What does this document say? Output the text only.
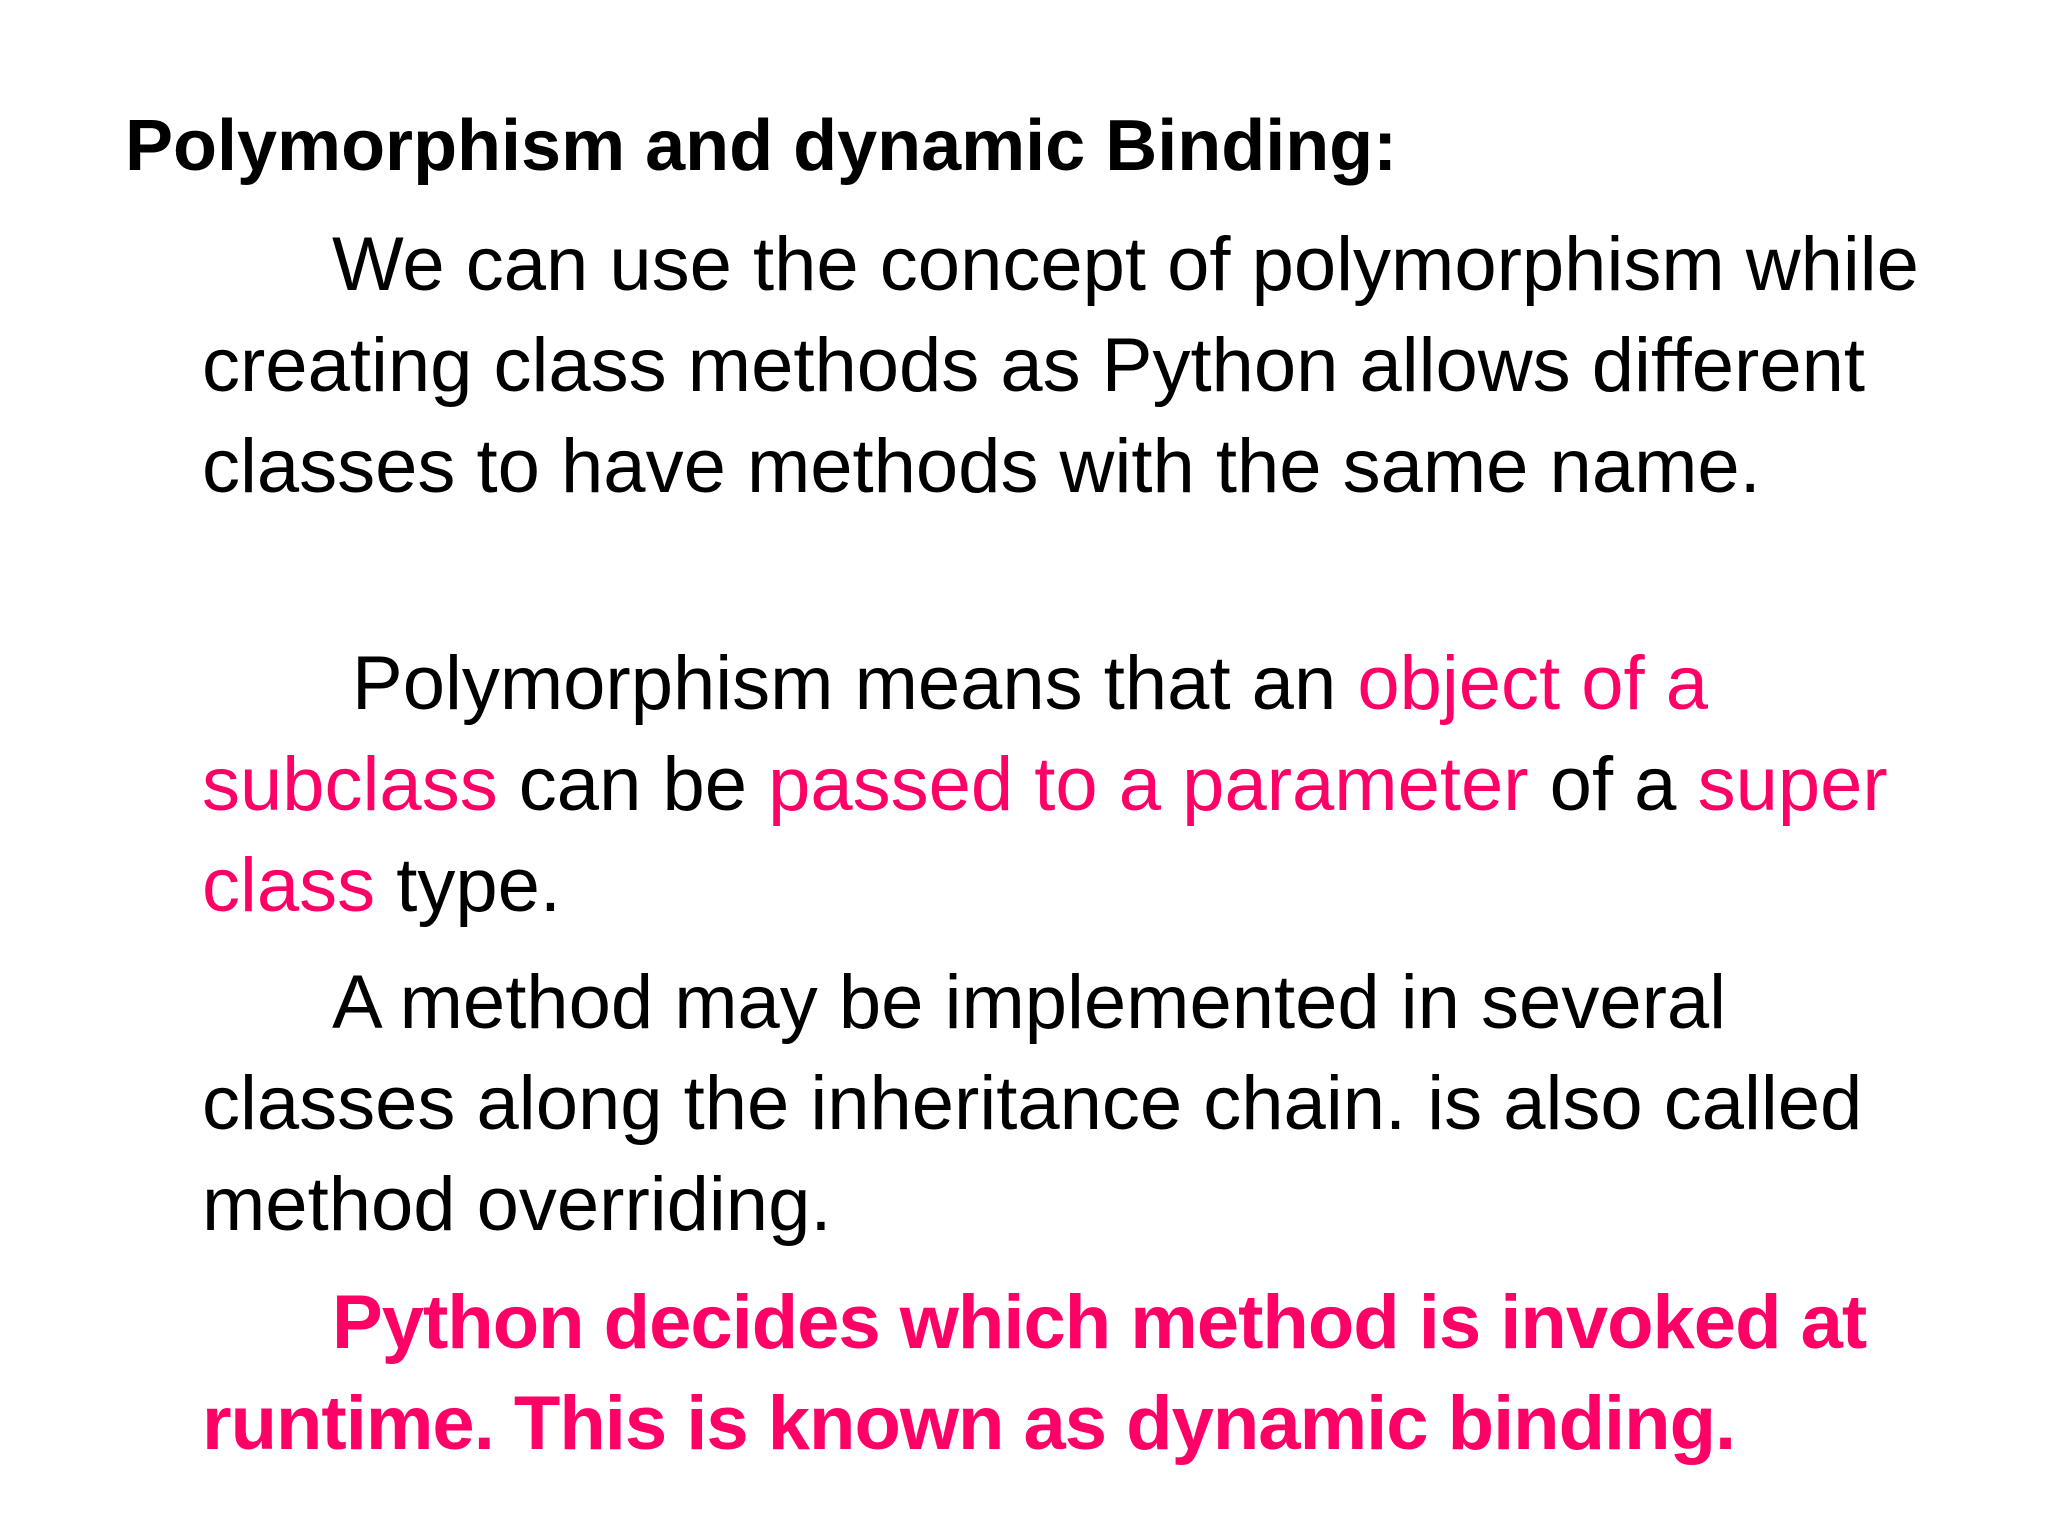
Polymorphism and dynamic Binding:

We can use the concept of polymorphism while creating class methods as Python allows different classes to have methods with the same name.

Polymorphism means that an object of a subclass can be passed to a parameter of a super class type.

A method may be implemented in several classes along the inheritance chain. is also called method overriding.

Python decides which method is invoked at runtime. This is known as dynamic binding.
